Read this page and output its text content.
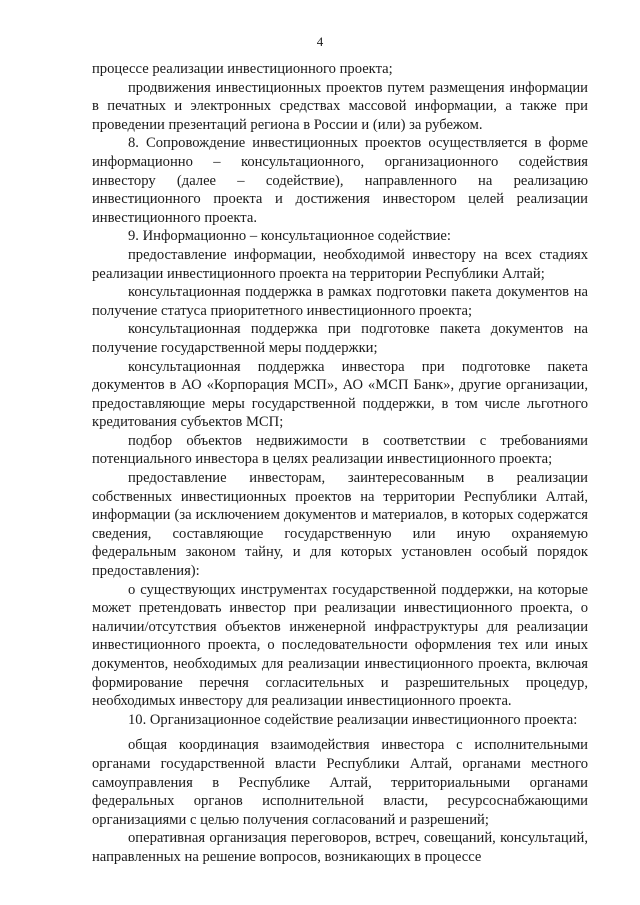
4

процессе реализации инвестиционного проекта;

продвижения инвестиционных проектов путем размещения информации в печатных и электронных средствах массовой информации, а также при проведении презентаций региона в России и (или) за рубежом.

8. Сопровождение инвестиционных проектов осуществляется в форме информационно – консультационного, организационного содействия инвестору (далее – содействие), направленного на реализацию инвестиционного проекта и достижения инвестором целей реализации инвестиционного проекта.

9. Информационно – консультационное содействие:

предоставление информации, необходимой инвестору на всех стадиях реализации инвестиционного проекта на территории Республики Алтай;

консультационная поддержка в рамках подготовки пакета документов на получение статуса приоритетного инвестиционного проекта;

консультационная поддержка при подготовке пакета документов на получение государственной меры поддержки;

консультационная поддержка инвестора при подготовке пакета документов в АО «Корпорация МСП», АО «МСП Банк», другие организации, предоставляющие меры государственной поддержки, в том числе льготного кредитования субъектов МСП;

подбор объектов недвижимости в соответствии с требованиями потенциального инвестора в целях реализации инвестиционного проекта;

предоставление инвесторам, заинтересованным в реализации собственных инвестиционных проектов на территории Республики Алтай, информации (за исключением документов и материалов, в которых содержатся сведения, составляющие государственную или иную охраняемую федеральным законом тайну, и для которых установлен особый порядок предоставления):

о существующих инструментах государственной поддержки, на которые может претендовать инвестор при реализации инвестиционного проекта, о наличии/отсутствия объектов инженерной инфраструктуры для реализации инвестиционного проекта, о последовательности оформления тех или иных документов, необходимых для реализации инвестиционного проекта, включая формирование перечня согласительных и разрешительных процедур, необходимых инвестору для реализации инвестиционного проекта.

10. Организационное содействие реализации инвестиционного проекта:

общая координация взаимодействия инвестора с исполнительными органами государственной власти Республики Алтай, органами местного самоуправления в Республике Алтай, территориальными органами федеральных органов исполнительной власти, ресурсоснабжающими организациями с целью получения согласований и разрешений;

оперативная организация переговоров, встреч, совещаний, консультаций, направленных на решение вопросов, возникающих в процессе
